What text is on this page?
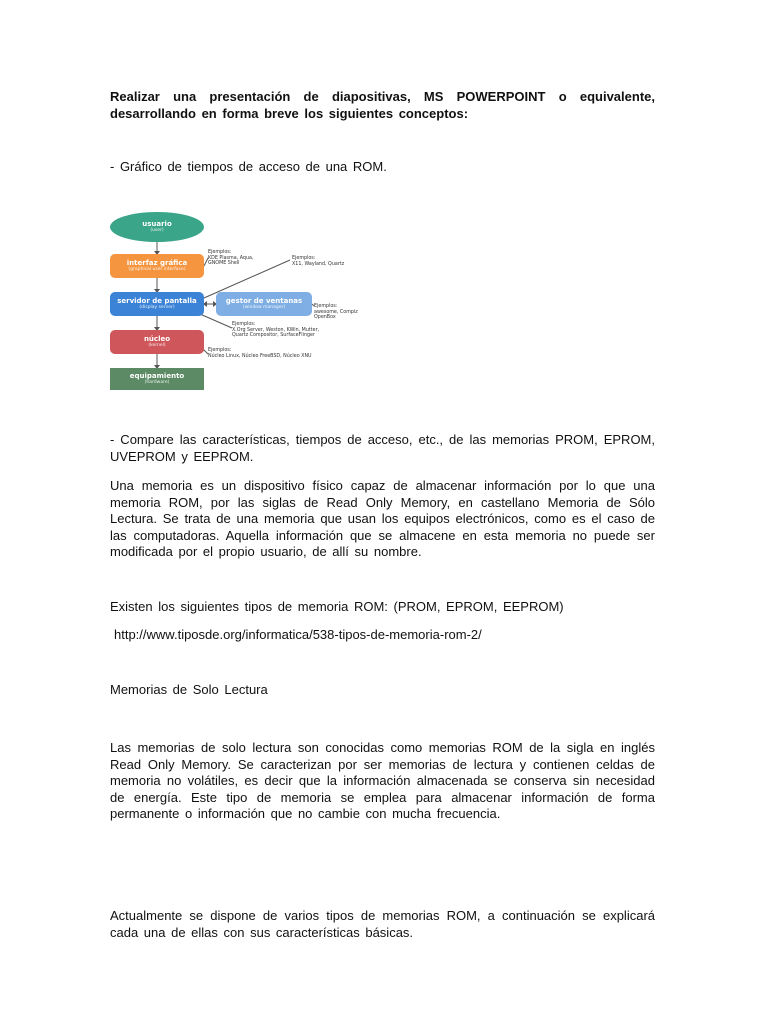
Realizar una presentación de diapositivas, MS POWERPOINT o equivalente, desarrollando en forma breve los siguientes conceptos:
- Gráfico de tiempos de acceso de una ROM.
usuario
(user)
interfaz gráfica
(graphical user interface)
servidor de pantalla
(display server)
gestor de ventanas
(window manager)
núcleo
(kernel)
equipamiento
(hardware)
Ejemplos:
KDE Plasma, Aqua,
GNOME Shell
Ejemplos:
X11, Wayland, Quartz
Ejemplos:
awesome, Compiz
OpenBox
Ejemplos:
X.Org Server, Weston, KWin, Mutter,
Quartz Compositor, SurfaceFlinger
Ejemplos:
Núcleo Linux, Núcleo FreeBSD, Núcleo XNU
- Compare las características, tiempos de acceso, etc., de las memorias PROM, EPROM, UVEPROM y EEPROM.
Una memoria es un dispositivo físico capaz de almacenar información por lo que una memoria ROM, por las siglas de Read Only Memory, en castellano Memoria de Sólo Lectura. Se trata de una memoria que usan los equipos electrónicos, como es el caso de las computadoras. Aquella información que se almacene en esta memoria no puede ser modificada por el propio usuario, de allí su nombre.
Existen los siguientes tipos de memoria ROM: (PROM, EPROM, EEPROM)
http://www.tiposde.org/informatica/538-tipos-de-memoria-rom-2/
Memorias de Solo Lectura
Las memorias de solo lectura son conocidas como memorias ROM de la sigla en inglés Read Only Memory. Se caracterizan por ser memorias de lectura y contienen celdas de memoria no volátiles, es decir que la información almacenada se conserva sin necesidad de energía. Este tipo de memoria se emplea para almacenar información de forma permanente o información que no cambie con mucha frecuencia.
Actualmente se dispone de varios tipos de memorias ROM, a continuación se explicará cada una de ellas con sus características básicas.
